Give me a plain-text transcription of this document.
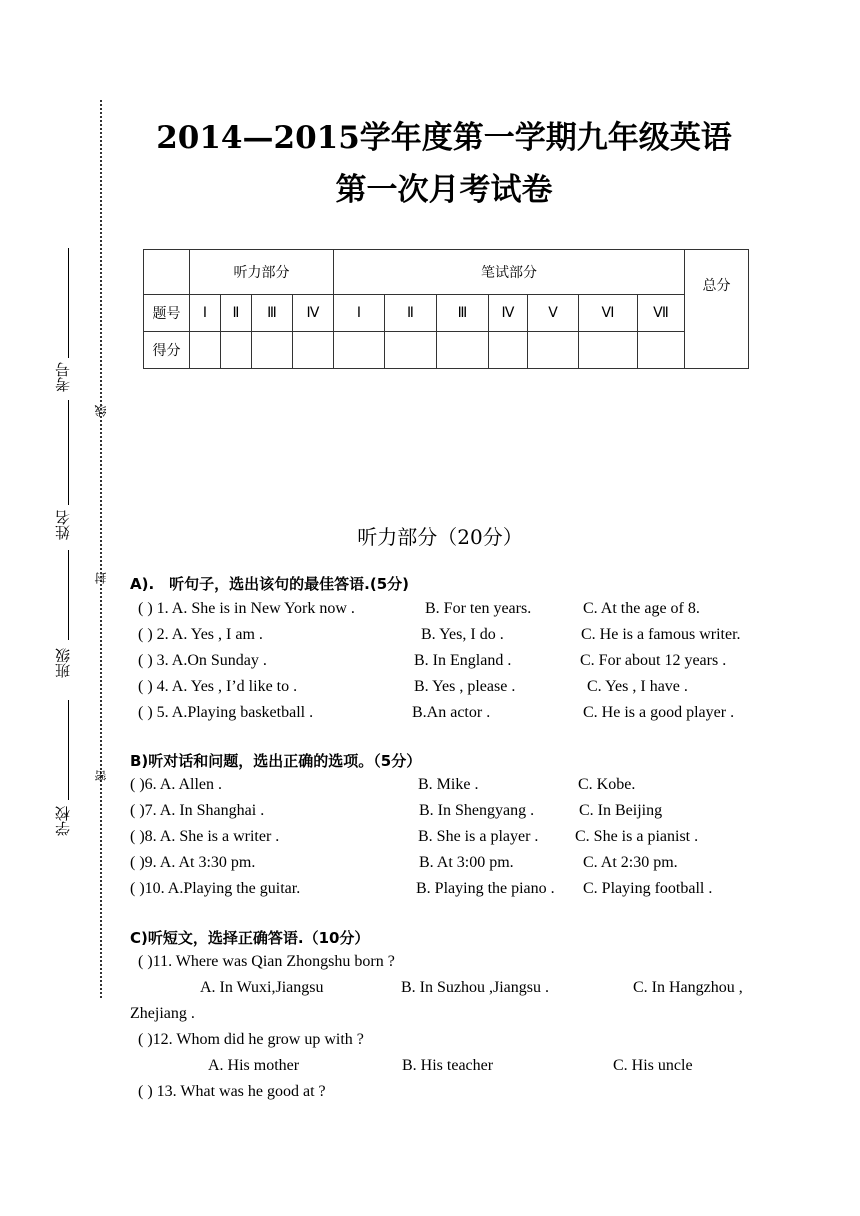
2014—2015学年度第一学期九年级英语
第一次月考试卷
线
封
密
考号
姓名
班级
学校
	听力部分				笔试部分							总分
题号	Ⅰ	Ⅱ	Ⅲ	Ⅳ	Ⅰ	Ⅱ	Ⅲ	Ⅳ	Ⅴ	Ⅵ	Ⅶ	
得分												
听力部分（20分）
A).　听句子，选出该句的最佳答语.(5分)
( ) 1. A. She is in New York now .	B. For ten years.	C. At the age of 8.
( ) 2. A. Yes , I am .	B. Yes, I do .	C. He is a famous writer.
( ) 3. A.On Sunday .	B. In England .	C. For about 12 years .
( ) 4. A. Yes , I’d like to .	B. Yes , please .	C. Yes , I have .
( ) 5. A.Playing basketball .	B.An actor .	C. He is a good player .
B)听对话和问题，选出正确的选项。（5分）
( )6. A. Allen .	B. Mike .	C. Kobe.
( )7. A. In Shanghai .	B. In Shengyang .	C. In Beijing
( )8. A. She is a writer .	B. She is a player . C. She is a pianist .
( )9. A. At 3:30 pm.	B. At 3:00 pm.	C. At 2:30 pm.
( )10. A.Playing the guitar.	B. Playing the piano . C. Playing football .
C)听短文，选择正确答语.（10分）
( )11. Where was Qian Zhongshu born ?
A. In Wuxi,Jiangsu	B. In Suzhou ,Jiangsu .	C. In Hangzhou ,
Zhejiang .
( )12. Whom did he grow up with ?
A. His mother	B. His teacher	C. His uncle
( ) 13. What was he good at ?
